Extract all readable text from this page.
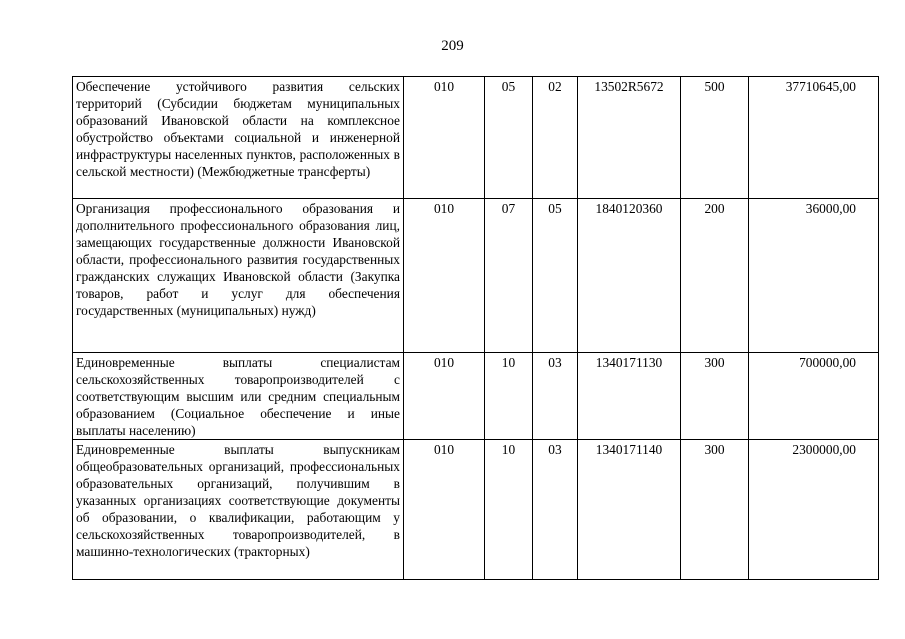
209
Обеспечение устойчивого развития сельских территорий (Субсидии бюджетам муниципальных образований Ивановской области на комплексное обустройство объектами социальной и инженерной инфраструктуры населенных пунктов, расположенных в сельской местности) (Межбюджетные трансферты)	010	05	02	13502R5672	500	37710645,00

Организация профессионального образования и дополнительного профессионального образования лиц, замещающих государственные должности Ивановской области, профессионального развития государственных гражданских служащих Ивановской области (Закупка товаров, работ и услуг для обеспечения государственных (муниципальных) нужд)	010	07	05	1840120360	200	36000,00

Единовременные выплаты специалистам сельскохозяйственных товаропроизводителей с соответствующим высшим или средним специальным образованием (Социальное обеспечение и иные выплаты населению)	010	10	03	1340171130	300	700000,00

Единовременные выплаты выпускникам общеобразовательных организаций, профессиональных образовательных организаций, получившим в указанных организациях соответствующие документы об образовании, о квалификации, работающим у сельскохозяйственных товаропроизводителей, в машинно-технологических (тракторных)	010	10	03	1340171140	300	2300000,00
